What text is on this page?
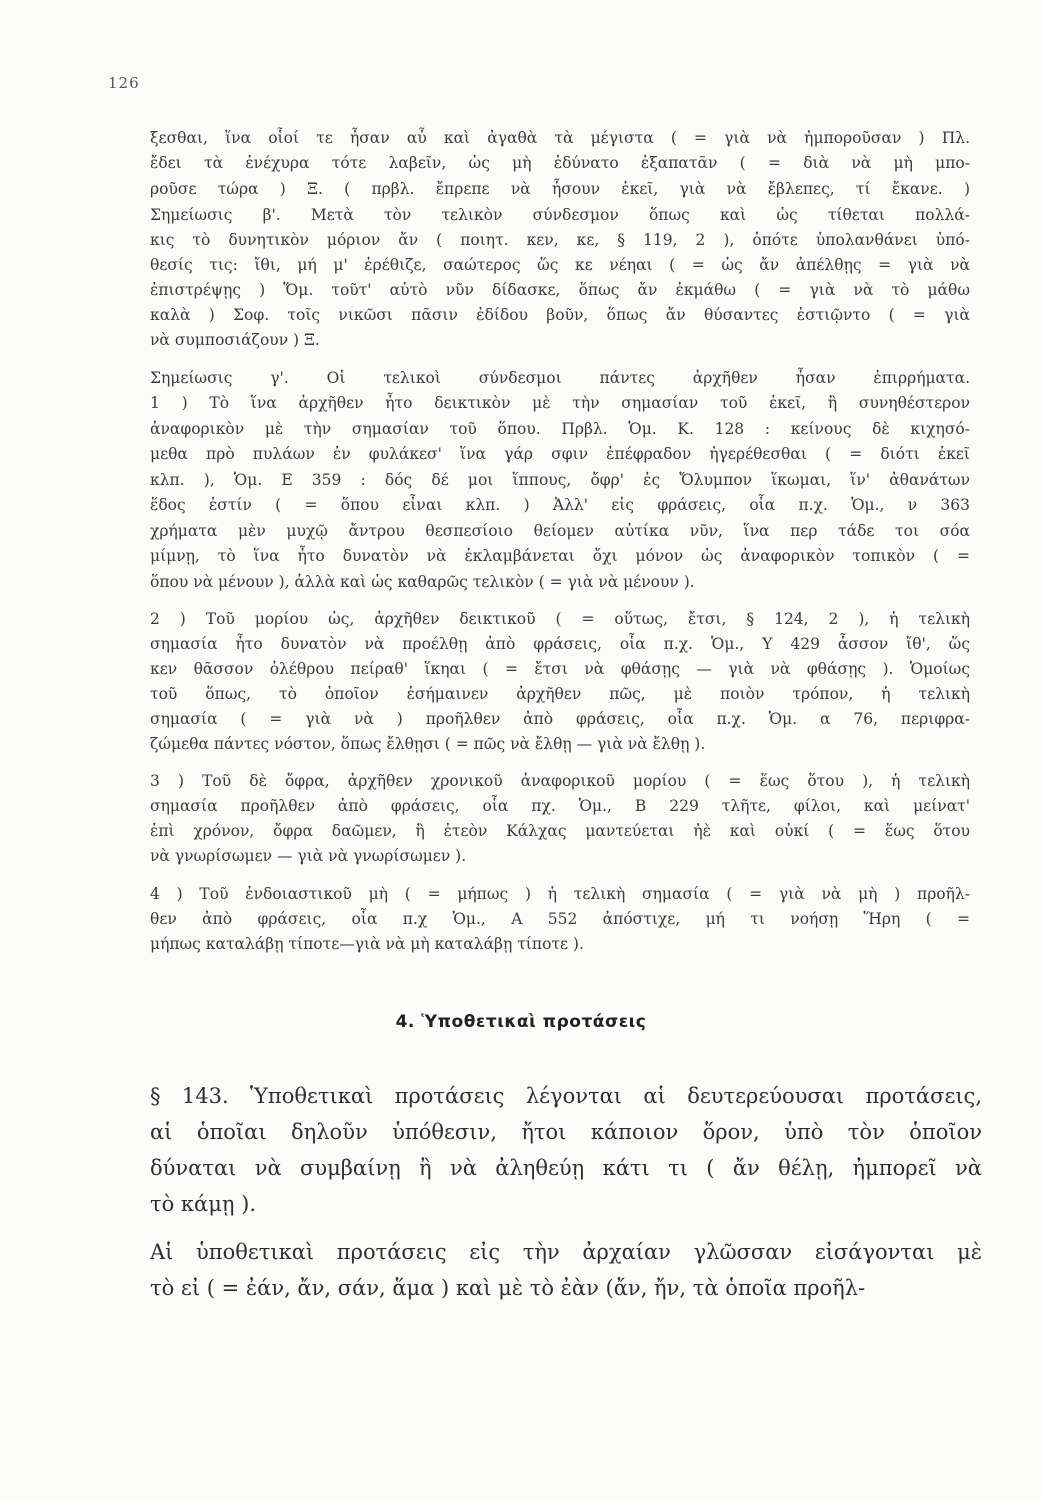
126
ξεσθαι, ἵνα οἷοί τε ἦσαν αὖ καὶ ἀγαθὰ τὰ μέγιστα ( = γιὰ νὰ ἠμποροῦσαν ) Πλ.
ἔδει τὰ ἐνέχυρα τότε λαβεῖν, ὡς μὴ ἐδύνατο ἐξαπατᾶν ( = διὰ νὰ μὴ μπο-
ροῦσε τώρα ) Ξ. ( πρβλ. ἔπρεπε νὰ ἦσουν ἐκεῖ, γιὰ νὰ ἔβλεπες, τί ἔκανε. )
Σημείωσις β'. Μετὰ τὸν τελικὸν σύνδεσμον ὅπως καὶ ὡς τίθεται πολλά-
κις τὸ δυνητικὸν μόριον ἄν ( ποιητ. κεν, κε, § 119, 2 ), ὁπότε ὑπολανθάνει ὑπό-
θεσίς τις: ἴθι, μή μ' ἐρέθιζε, σαώτερος ὥς κε νέηαι ( = ὡς ἄν ἀπέλθῃς = γιὰ νὰ
ἐπιστρέψῃς ) Ὅμ. τοῦτ' αὐτὸ νῦν δίδασκε, ὅπως ἄν ἐκμάθω ( = γιὰ νὰ τὸ μάθω
καλὰ ) Σοφ. τοῖς νικῶσι πᾶσιν ἐδίδου βοῦν, ὅπως ἄν θύσαντες ἑστιῷντο ( = γιὰ
νὰ συμποσιάζουν ) Ξ.
Σημείωσις γ'. Οἱ τελικοὶ σύνδεσμοι πάντες ἀρχῆθεν ἦσαν ἐπιρρήματα.
1 ) Τὸ ἵνα ἀρχῆθεν ἦτο δεικτικὸν μὲ τὴν σημασίαν τοῦ ἐκεῖ, ἢ συνηθέστερον
ἀναφορικὸν μὲ τὴν σημασίαν τοῦ ὅπου. Πρβλ. Ὁμ. Κ. 128 : κείνους δὲ κιχησό-
μεθα πρὸ πυλάων ἐν φυλάκεσ' ἵνα γάρ σφιν ἐπέφραδον ἠγερέθεσθαι ( = διότι ἐκεῖ
κλπ. ), Ὁμ. Ε 359 : δός δέ μοι ἵππους, ὄφρ' ἐς Ὄλυμπον ἵκωμαι, ἵν' ἀθανάτων
ἕδος ἐστίν ( = ὅπου εἶναι κλπ. ) Ἀλλ' εἰς φράσεις, οἷα π.χ. Ὁμ., ν 363
χρήματα μὲν μυχῷ ἄντρου θεσπεσίοιο θείομεν αὐτίκα νῦν, ἵνα περ τάδε τοι σόα
μίμνῃ, τὸ ἵνα ἦτο δυνατὸν νὰ ἐκλαμβάνεται ὄχι μόνον ὡς ἀναφορικὸν τοπικὸν ( =
ὅπου νὰ μένουν ), ἀλλὰ καὶ ὡς καθαρῶς τελικὸν ( = γιὰ νὰ μένουν ).
2 ) Τοῦ μορίου ὡς, ἀρχῆθεν δεικτικοῦ ( = οὕτως, ἔτσι, § 124, 2 ), ἡ τελικὴ
σημασία ἦτο δυνατὸν νὰ προέλθῃ ἀπὸ φράσεις, οἷα π.χ. Ὁμ., Υ 429 ἆσσον ἴθ', ὥς
κεν θᾶσσον ὀλέθρου πείραθ' ἵκηαι ( = ἔτσι νὰ φθάσῃς — γιὰ νὰ φθάσῃς ). Ὁμοίως
τοῦ ὅπως, τὸ ὁποῖον ἐσήμαινεν ἀρχῆθεν πῶς, μὲ ποιὸν τρόπον, ἡ τελικὴ
σημασία ( = γιὰ νὰ ) προῆλθεν ἀπὸ φράσεις, οἷα π.χ. Ὁμ. α 76, περιφρα-
ζώμεθα πάντες νόστον, ὅπως ἔλθῃσι ( = πῶς νὰ ἔλθῃ — γιὰ νὰ ἔλθῃ ).
3 ) Τοῦ δὲ ὄφρα, ἀρχῆθεν χρονικοῦ ἀναφορικοῦ μορίου ( = ἕως ὅτου ), ἡ τελικὴ
σημασία προῆλθεν ἀπὸ φράσεις, οἷα πχ. Ὁμ., Β 229 τλῆτε, φίλοι, καὶ μείνατ'
ἐπὶ χρόνον, ὄφρα δαῶμεν, ἢ ἐτεὸν Κάλχας μαντεύεται ἠὲ καὶ οὐκί ( = ἕως ὅτου
νὰ γνωρίσωμεν — γιὰ νὰ γνωρίσωμεν ).
4 ) Τοῦ ἐνδοιαστικοῦ μὴ ( = μήπως ) ἡ τελικὴ σημασία ( = γιὰ νὰ μὴ ) προῆλ-
θεν ἀπὸ φράσεις, οἷα π.χ Ὁμ., Α 552 ἀπόστιχε, μή τι νοήσῃ Ἥρη ( =
μήπως καταλάβῃ τίποτε—γιὰ νὰ μὴ καταλάβῃ τίποτε ).
4. Ὑποθετικαὶ προτάσεις
§ 143. Ὑποθετικαὶ προτάσεις λέγονται αἱ δευτερεύουσαι προτάσεις,
αἱ ὁποῖαι δηλοῦν ὑπόθεσιν, ἤτοι κάποιον ὅρον, ὑπὸ τὸν ὁποῖον
δύναται νὰ συμβαίνῃ ἢ νὰ ἀληθεύῃ κάτι τι ( ἄν θέλῃ, ἠμπορεῖ νὰ
τὸ κάμῃ ).
Αἱ ὑποθετικαὶ προτάσεις εἰς τὴν ἀρχαίαν γλῶσσαν εἰσάγονται μὲ
τὸ εἰ ( = ἐάν, ἄν, σάν, ἅμα ) καὶ μὲ τὸ ἐὰν (ἄν, ἤν, τὰ ὁποῖα προῆλ-
